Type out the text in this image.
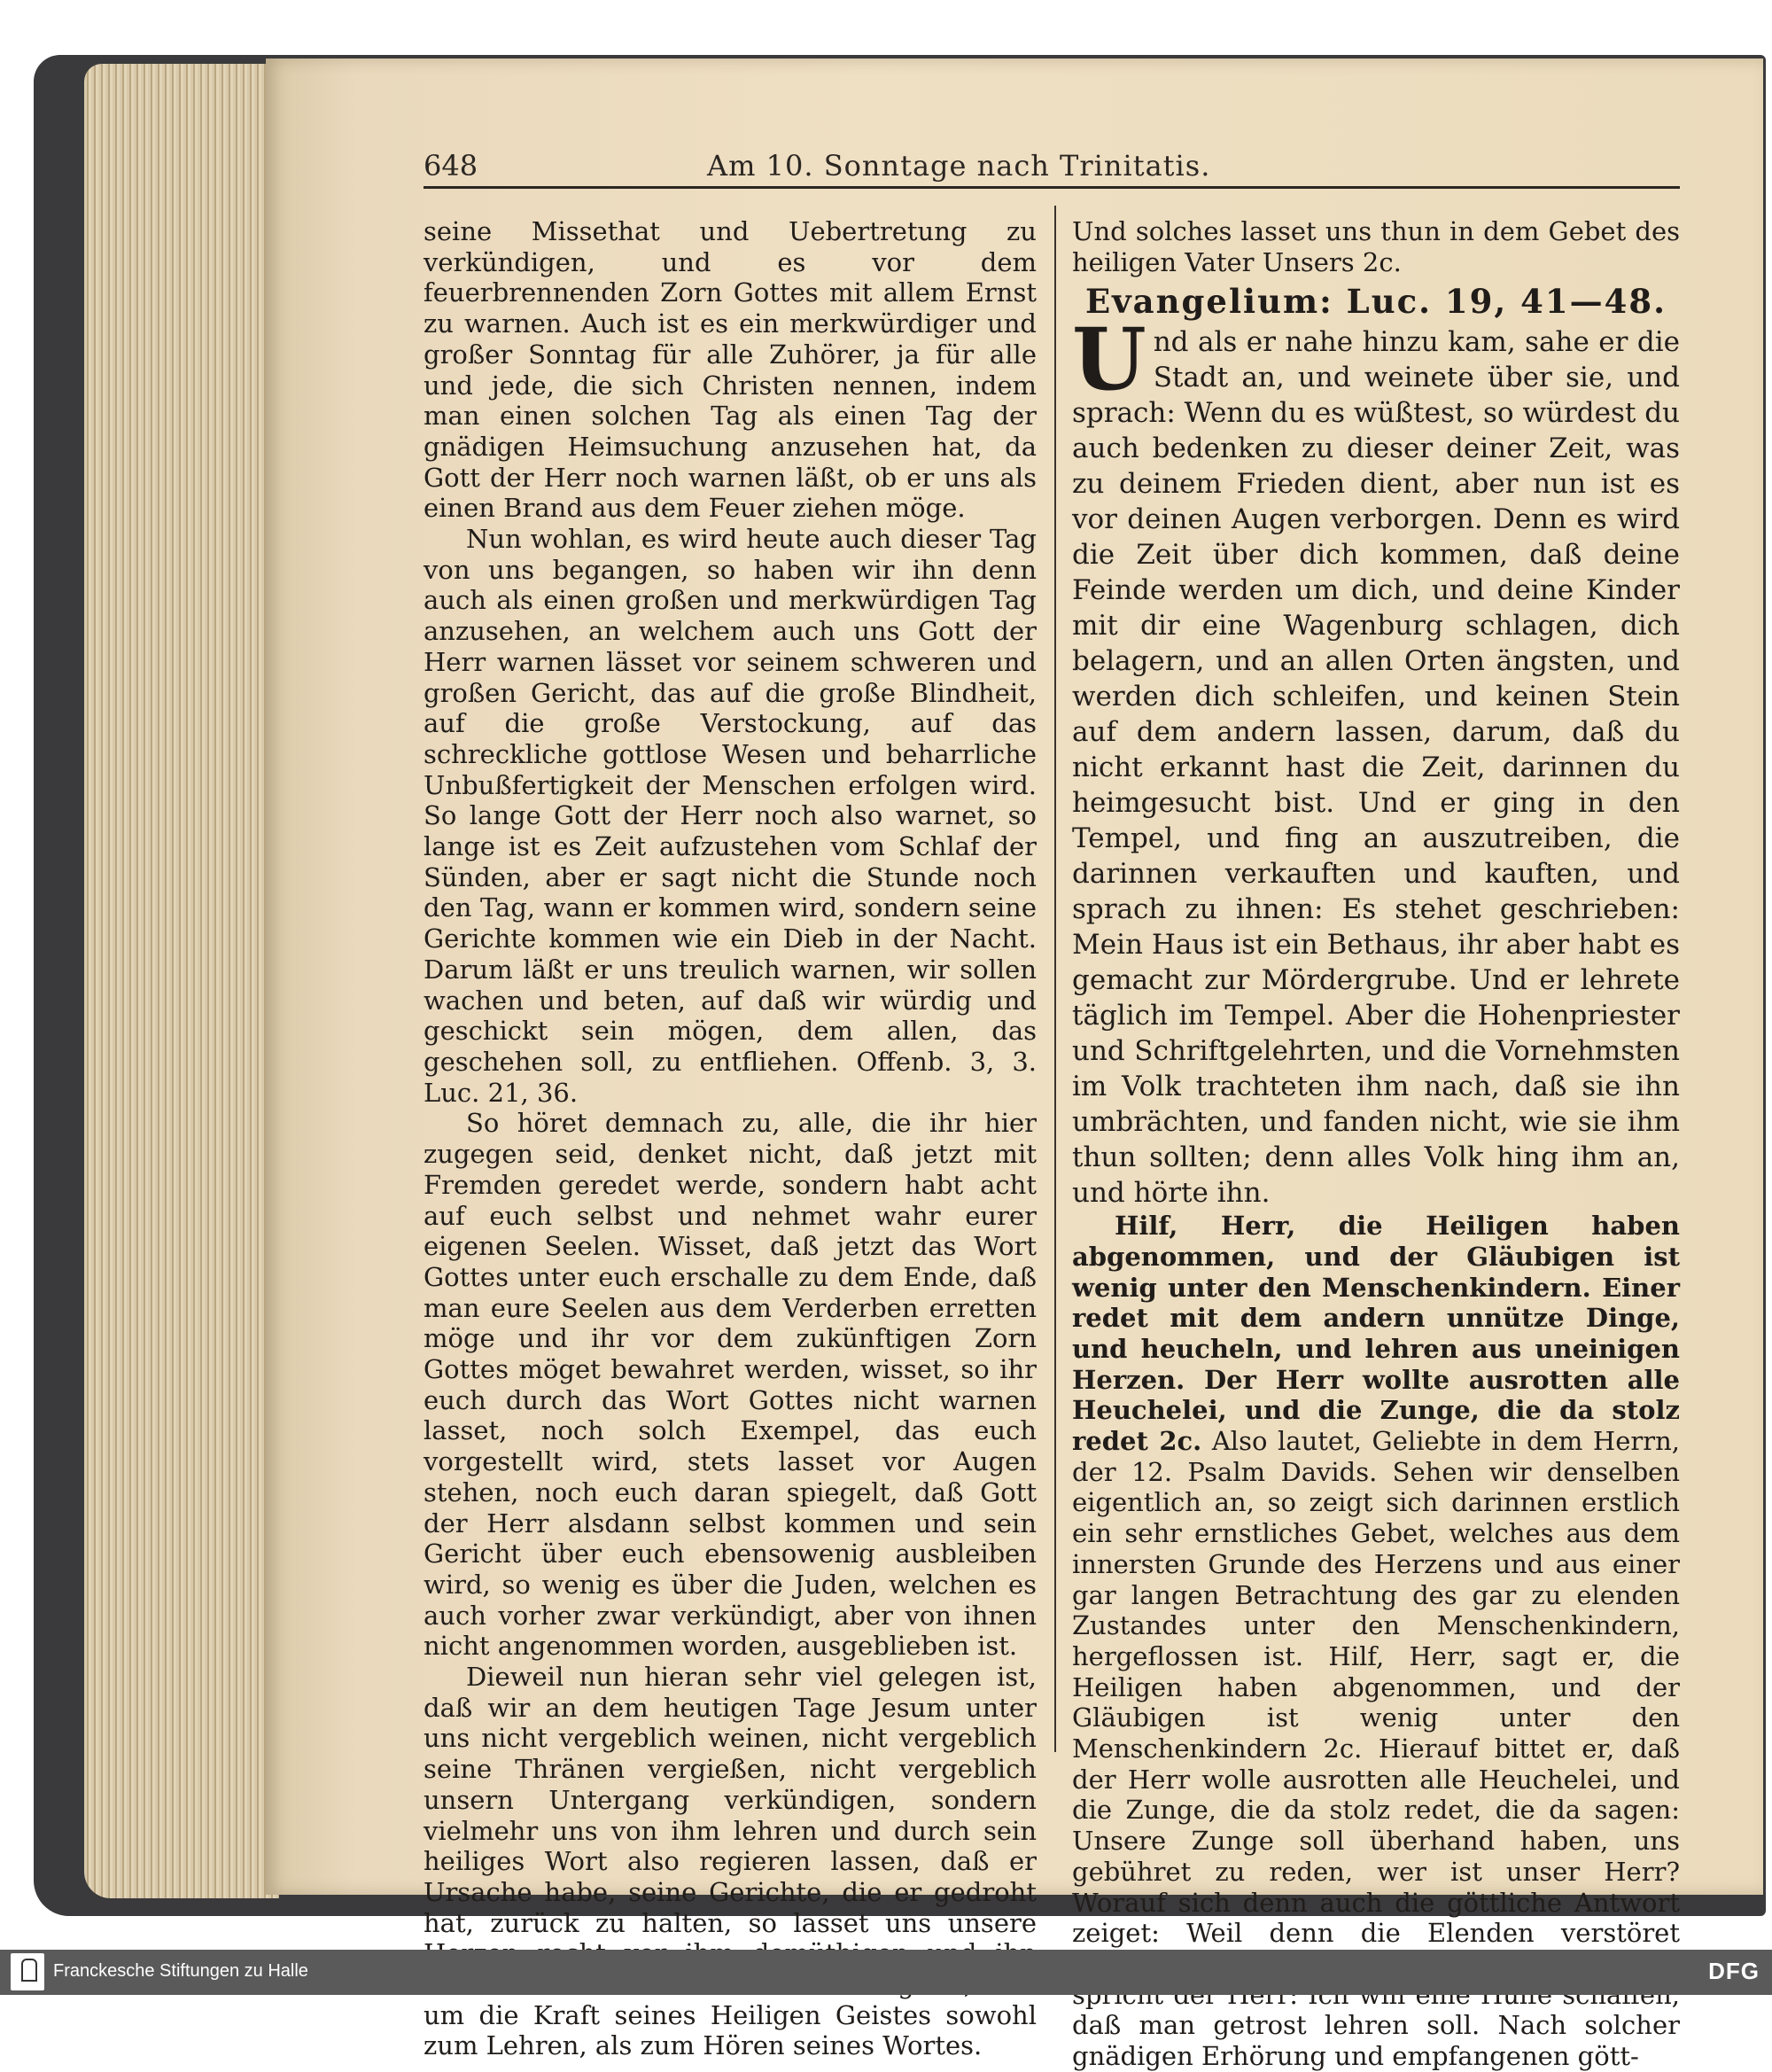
648	Am 10. Sonntage nach Trinitatis.

seine Missethat und Uebertretung zu verkündigen, und es vor dem feuerbrennenden Zorn Gottes mit allem Ernst zu warnen. Auch ist es ein merkwürdiger und großer Sonntag für alle Zuhörer, ja für alle und jede, die sich Christen nennen, indem man einen solchen Tag als einen Tag der gnädigen Heimsuchung anzusehen hat, da Gott der Herr noch warnen läßt, ob er uns als einen Brand aus dem Feuer ziehen möge.

Nun wohlan, es wird heute auch dieser Tag von uns begangen, so haben wir ihn denn auch als einen großen und merkwürdigen Tag anzusehen, an welchem auch uns Gott der Herr warnen lässet vor seinem schweren und großen Gericht, das auf die große Blindheit, auf die große Verstockung, auf das schreckliche gottlose Wesen und beharrliche Unbußfertigkeit der Menschen erfolgen wird. So lange Gott der Herr noch also warnet, so lange ist es Zeit aufzustehen vom Schlaf der Sünden, aber er sagt nicht die Stunde noch den Tag, wann er kommen wird, sondern seine Gerichte kommen wie ein Dieb in der Nacht. Darum läßt er uns treulich warnen, wir sollen wachen und beten, auf daß wir würdig und geschickt sein mögen, dem allen, das geschehen soll, zu entfliehen. Offenb. 3, 3. Luc. 21, 36.

So höret demnach zu, alle, die ihr hier zugegen seid, denket nicht, daß jetzt mit Fremden geredet werde, sondern habt acht auf euch selbst und nehmet wahr eurer eigenen Seelen. Wisset, daß jetzt das Wort Gottes unter euch erschalle zu dem Ende, daß man eure Seelen aus dem Verderben erretten möge und ihr vor dem zukünftigen Zorn Gottes möget bewahret werden, wisset, so ihr euch durch das Wort Gottes nicht warnen lasset, noch solch Exempel, das euch vorgestellt wird, stets lasset vor Augen stehen, noch euch daran spiegelt, daß Gott der Herr alsdann selbst kommen und sein Gericht über euch ebensowenig ausbleiben wird, so wenig es über die Juden, welchen es auch vorher zwar verkündigt, aber von ihnen nicht angenommen worden, ausgeblieben ist.

Dieweil nun hieran sehr viel gelegen ist, daß wir an dem heutigen Tage Jesum unter uns nicht vergeblich weinen, nicht vergeblich seine Thränen vergießen, nicht vergeblich unsern Untergang verkündigen, sondern vielmehr uns von ihm lehren und durch sein heiliges Wort also regieren lassen, daß er Ursache habe, seine Gerichte, die er gedroht hat, zurück zu halten, so lasset uns unsere um die Kraft seines Heiligen Geistes sowohl zum Lehren, als zum Hören seines Wortes.

Und solches lasset uns thun in dem Gebet des heiligen Vater Unsers 2c.

Evangelium: Luc. 19, 41—48.

Und als er nahe hinzu kam, sahe er die Stadt an, und weinete über sie, und sprach: Wenn du es wüßtest, so würdest du auch bedenken zu dieser deiner Zeit, was zu deinem Frieden dient, aber nun ist es vor deinen Augen verborgen. Denn es wird die Zeit über dich kommen, daß deine Feinde werden um dich, und deine Kinder mit dir eine Wagenburg schlagen, dich belagern, und an allen Orten ängsten, und werden dich schleifen, und keinen Stein auf dem andern lassen, darum, daß du nicht erkannt hast die Zeit, darinnen du heimgesucht bist. Und er ging in den Tempel, und fing an auszutreiben, die darinnen verkauften und kauften, und sprach zu ihnen: Es stehet geschrieben: Mein Haus ist ein Bethaus, ihr aber habt es gemacht zur Mördergrube. Und er lehrete täglich im Tempel. Aber die Hohenpriester und Schriftgelehrten, und die Vornehmsten im Volk trachteten ihm nach, daß sie ihn umbrächten, und fanden nicht, wie sie ihm thun sollten; denn alles Volk hing ihm an, und hörte ihn.

Hilf, Herr, die Heiligen haben abgenommen, und der Gläubigen ist wenig unter den Menschenkindern. Einer redet mit dem andern unnütze Dinge, und heucheln, und lehren aus uneinigen Herzen. Der Herr wollte ausrotten alle Heuchelei, und die Zunge, die da stolz redet 2c. Also lautet, Geliebte in dem Herrn, der 12. Psalm Davids. Sehen wir denselben eigentlich an, so zeigt sich darinnen erstlich ein sehr ernstliches Gebet, welches aus dem innersten Grunde des Herzens und aus einer gar langen Betrachtung des gar zu elenden Zustandes unter den Menschenkindern, hergeflossen ist. Hilf, Herr, sagt er, die Heiligen haben abgenommen, und der Gläubigen ist wenig unter den Menschenkindern 2c. Hierauf bittet er, daß der Herr wolle ausrotten alle Heuchelei, und die Zunge, die da stolz redet, die da sagen: Unsere Zunge soll überhand haben, uns gebühret zu reden, wer ist unser Herr? Worauf sich denn auch die göttliche Antwort zeiget: Weil denn die Elenden verstöret daß man getrost lehren soll. Nach solcher gnädigen Erhörung und empfangenen gött-

Franckesche Stiftungen zu Halle	DFG
